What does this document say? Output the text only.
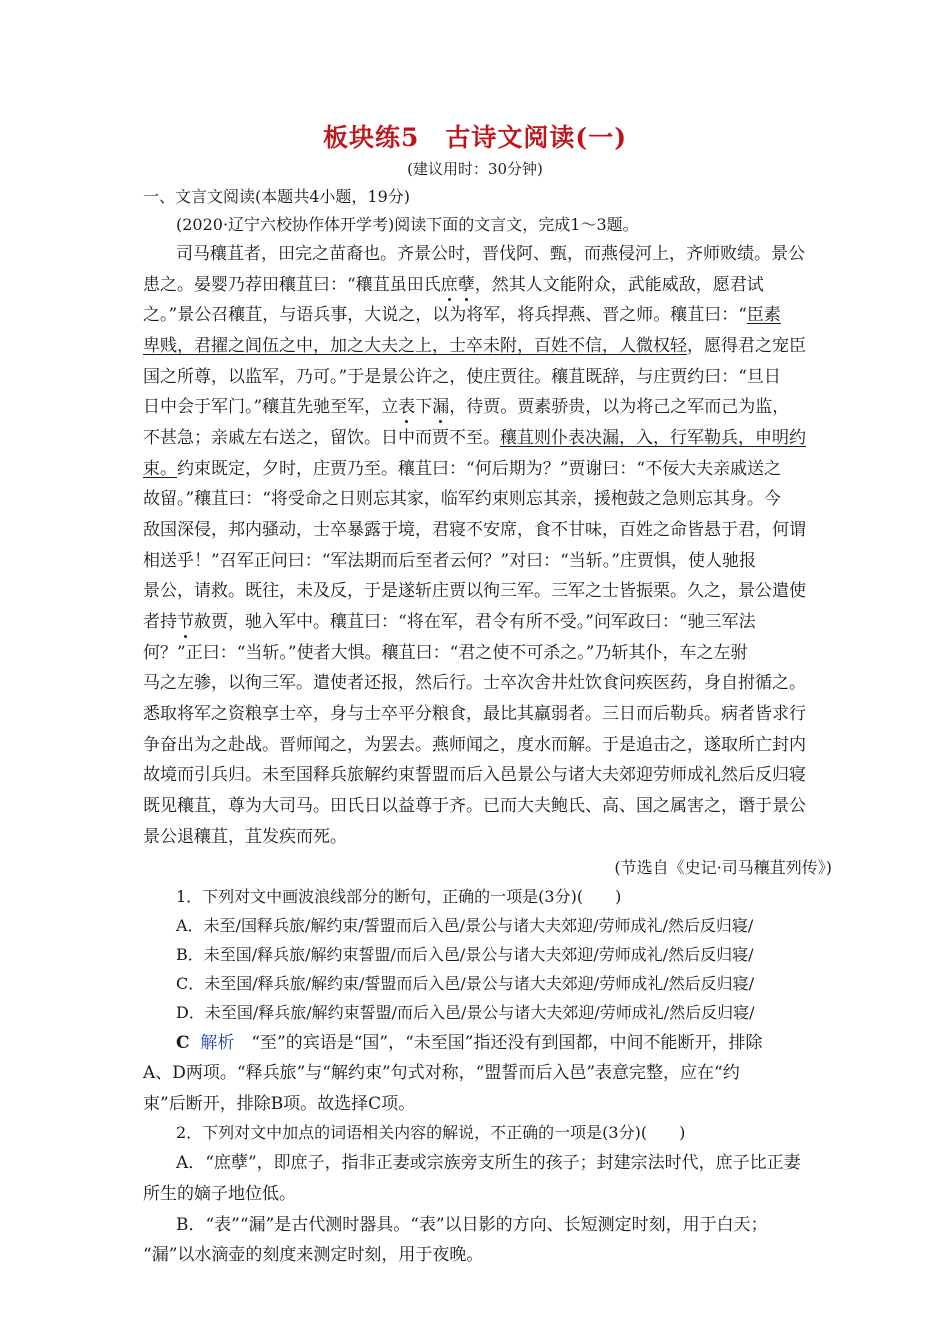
板块练5　古诗文阅读(一)
(建议用时：30分钟)
一、文言文阅读(本题共4小题，19分)
(2020·辽宁六校协作体开学考)阅读下面的文言文，完成1～3题。
司马穰苴者，田完之苗裔也。齐景公时，晋伐阿、甄，而燕侵河上，齐师败绩。景公
患之。晏婴乃荐田穰苴曰：“穰苴虽田氏庶孽，然其人文能附众，武能威敌，愿君试
之。”景公召穰苴，与语兵事，大说之，以为将军，将兵捍燕、晋之师。穰苴曰：“臣素
卑贱，君擢之闾伍之中，加之大夫之上，士卒未附，百姓不信，人微权轻，愿得君之宠臣
国之所尊，以监军，乃可。”于是景公许之，使庄贾往。穰苴既辞，与庄贾约曰：“旦日
日中会于军门。”穰苴先驰至军，立表下漏，待贾。贾素骄贵，以为将己之军而己为监，
不甚急；亲戚左右送之，留饮。日中而贾不至。穰苴则仆表决漏，入，行军勒兵，申明约
束。约束既定，夕时，庄贾乃至。穰苴曰：“何后期为？”贾谢曰：“不佞大夫亲戚送之
故留。”穰苴曰：“将受命之日则忘其家，临军约束则忘其亲，援枹鼓之急则忘其身。今
敌国深侵，邦内骚动，士卒暴露于境，君寝不安席，食不甘味，百姓之命皆悬于君，何谓
相送乎！”召军正问曰：“军法期而后至者云何？”对曰：“当斩。”庄贾惧，使人驰报
景公，请救。既往，未及反，于是遂斩庄贾以徇三军。三军之士皆振栗。久之，景公遣使
者持节赦贾，驰入军中。穰苴曰：“将在军，君令有所不受。”问军政曰：“驰三军法
何？”正曰：“当斩。”使者大惧。穰苴曰：“君之使不可杀之。”乃斩其仆，车之左驸
马之左骖，以徇三军。遣使者还报，然后行。士卒次舍井灶饮食问疾医药，身自拊循之。
悉取将军之资粮享士卒，身与士卒平分粮食，最比其羸弱者。三日而后勒兵。病者皆求行
争奋出为之赴战。晋师闻之，为罢去。燕师闻之，度水而解。于是追击之，遂取所亡封内
故境而引兵归。未至国释兵旅解约束誓盟而后入邑景公与诸大夫郊迎劳师成礼然后反归寝
既见穰苴，尊为大司马。田氏日以益尊于齐。已而大夫鲍氏、高、国之属害之，谮于景公
景公退穰苴，苴发疾而死。
(节选自《史记·司马穰苴列传》)
1．下列对文中画波浪线部分的断句，正确的一项是(3分)(　　)
A．未至/国释兵旅/解约束/誓盟而后入邑/景公与诸大夫郊迎/劳师成礼/然后反归寝/
B．未至国/释兵旅/解约束誓盟/而后入邑/景公与诸大夫郊迎/劳师成礼/然后反归寝/
C．未至国/释兵旅/解约束/誓盟而后入邑/景公与诸大夫郊迎/劳师成礼/然后反归寝/
D．未至国/释兵旅/解约束誓盟/而后入邑/景公与诸大夫郊迎/劳师成礼/然后反归寝/
C 解析　“至”的宾语是“国”，“未至国”指还没有到国都，中间不能断开，排除
A、D两项。“释兵旅”与“解约束”句式对称，“盟誓而后入邑”表意完整，应在“约
束”后断开，排除B项。故选择C项。
2．下列对文中加点的词语相关内容的解说，不正确的一项是(3分)(　　)
A．“庶孽”，即庶子，指非正妻或宗族旁支所生的孩子；封建宗法时代，庶子比正妻
所生的嫡子地位低。
B．“表”“漏”是古代测时器具。“表”以日影的方向、长短测定时刻，用于白天；
“漏”以水滴壶的刻度来测定时刻，用于夜晚。
